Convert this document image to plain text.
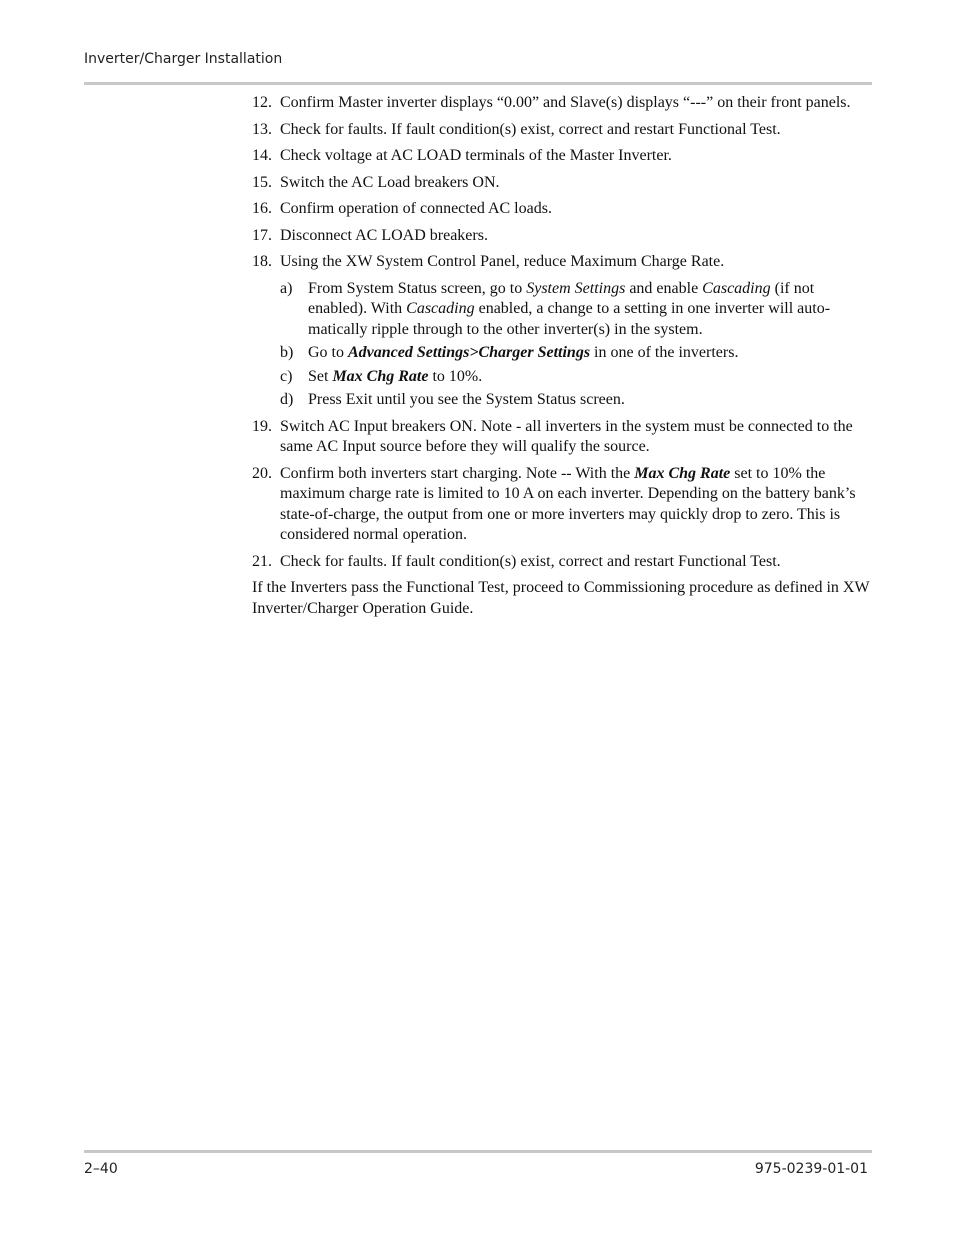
Inverter/Charger Installation
12. Confirm Master inverter displays “0.00” and Slave(s) displays “---” on their front panels.
13. Check for faults. If fault condition(s) exist, correct and restart Functional Test.
14. Check voltage at AC LOAD terminals of the Master Inverter.
15. Switch the AC Load breakers ON.
16. Confirm operation of connected AC loads.
17. Disconnect AC LOAD breakers.
18. Using the XW System Control Panel, reduce Maximum Charge Rate.
a) From System Status screen, go to System Settings and enable Cascading (if not enabled). With Cascading enabled, a change to a setting in one inverter will auto-matically ripple through to the other inverter(s) in the system.
b) Go to Advanced Settings>Charger Settings in one of the inverters.
c) Set Max Chg Rate to 10%.
d) Press Exit until you see the System Status screen.
19. Switch AC Input breakers ON. Note - all inverters in the system must be connected to the same AC Input source before they will qualify the source.
20. Confirm both inverters start charging. Note -- With the Max Chg Rate set to 10% the maximum charge rate is limited to 10 A on each inverter. Depending on the battery bank’s state-of-charge, the output from one or more inverters may quickly drop to zero. This is considered normal operation.
21. Check for faults. If fault condition(s) exist, correct and restart Functional Test.
If the Inverters pass the Functional Test, proceed to Commissioning procedure as defined in XW Inverter/Charger Operation Guide.
2–40	975-0239-01-01
